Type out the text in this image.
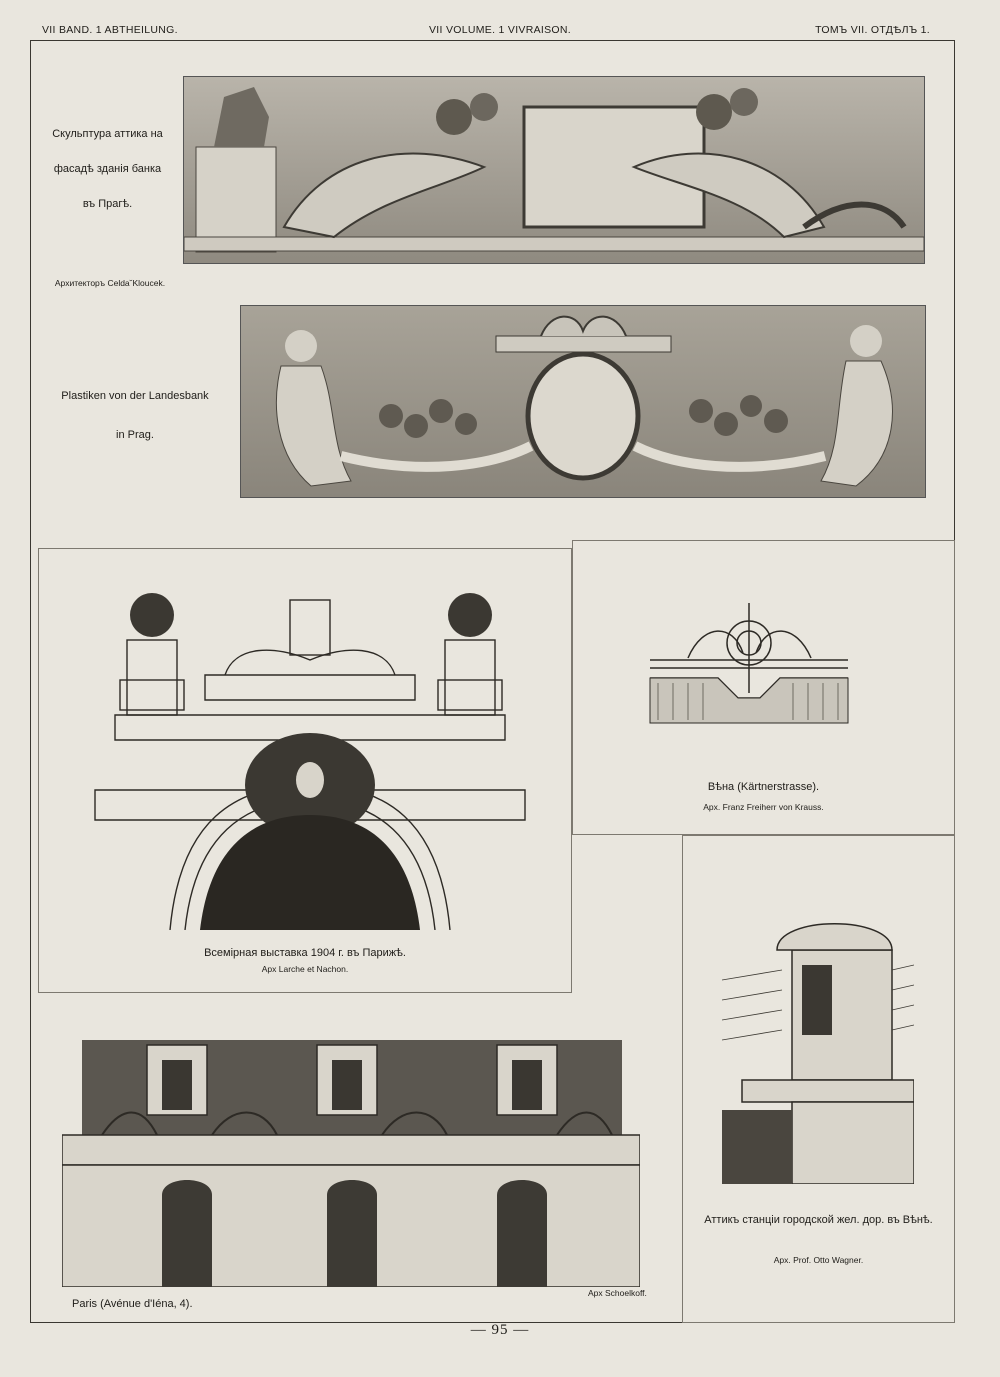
VII BAND. 1 ABTHEILUNG.	VII VOLUME. 1 VIVRAISON.	ТОМЪ VII. ОТДѢЛЪ 1.
Скульптура аттика на
фасадѣ зданія банка
въ Прагѣ.
Архитекторъ Celda˘Kloucek.
Plastiken von der Landesbank
in Prag.
Всемірная выставка 1904 г. въ Парижѣ.
Apx Larche et Nachon.
Вѣна (Kärtnerstrasse).
Apx. Franz Freiherr von Krauss.
Paris (Avénue d'Iéna, 4).
Apx Schoelkoff.
Аттикъ станціи городской жел. дор. въ Вѣнѣ.
Apx. Prof. Otto Wagner.
— 95 —
